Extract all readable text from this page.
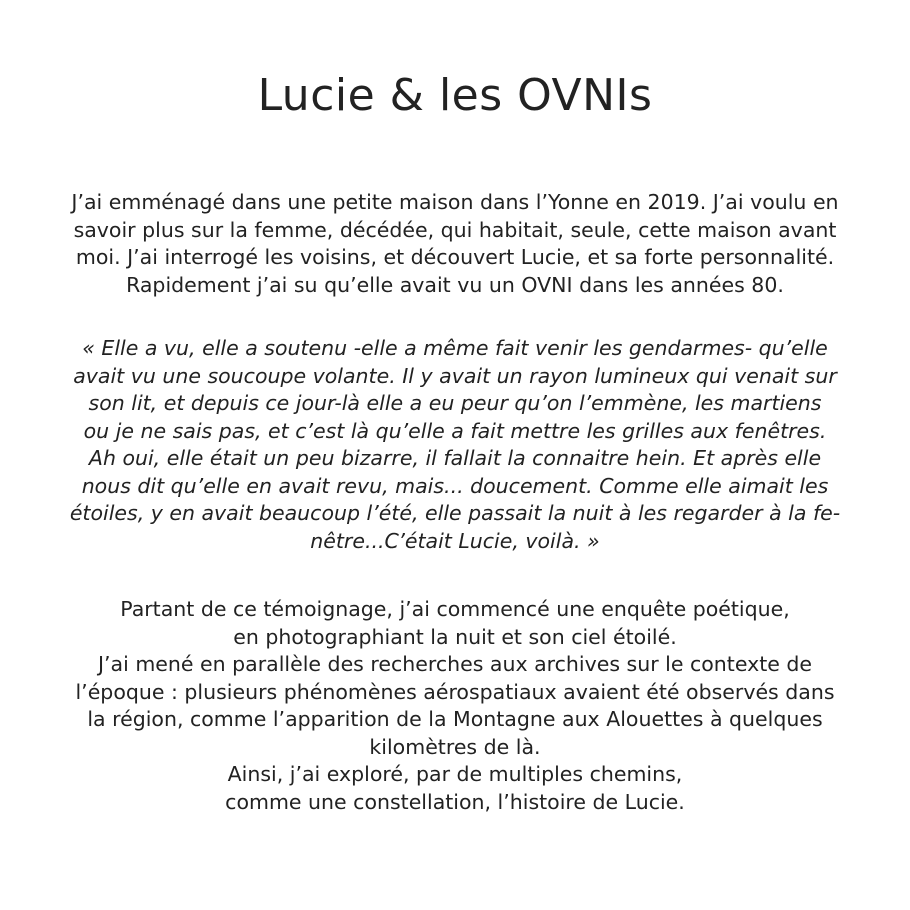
Lucie & les OVNIs

J’ai emménagé dans une petite maison dans l’Yonne en 2019. J’ai voulu en
savoir plus sur la femme, décédée, qui habitait, seule, cette maison avant
moi. J’ai interrogé les voisins, et découvert Lucie, et sa forte personnalité.
Rapidement j’ai su qu’elle avait vu un OVNI dans les années 80.

« Elle a vu, elle a soutenu -elle a même fait venir les gendarmes- qu’elle
avait vu une soucoupe volante. Il y avait un rayon lumineux qui venait sur
son lit, et depuis ce jour-là elle a eu peur qu’on l’emmène, les martiens
ou je ne sais pas, et c’est là qu’elle a fait mettre les grilles aux fenêtres.
Ah oui, elle était un peu bizarre, il fallait la connaitre hein. Et après elle
nous dit qu’elle en avait revu, mais... doucement. Comme elle aimait les
étoiles, y en avait beaucoup l’été, elle passait la nuit à les regarder à la fe-
nêtre...C’était Lucie, voilà. »

Partant de ce témoignage, j’ai commencé une enquête poétique,
en photographiant la nuit et son ciel étoilé.
J’ai mené en parallèle des recherches aux archives sur le contexte de
l’époque : plusieurs phénomènes aérospatiaux avaient été observés dans
la région, comme l’apparition de la Montagne aux Alouettes à quelques
kilomètres de là.
Ainsi, j’ai exploré, par de multiples chemins,
comme une constellation, l’histoire de Lucie.
